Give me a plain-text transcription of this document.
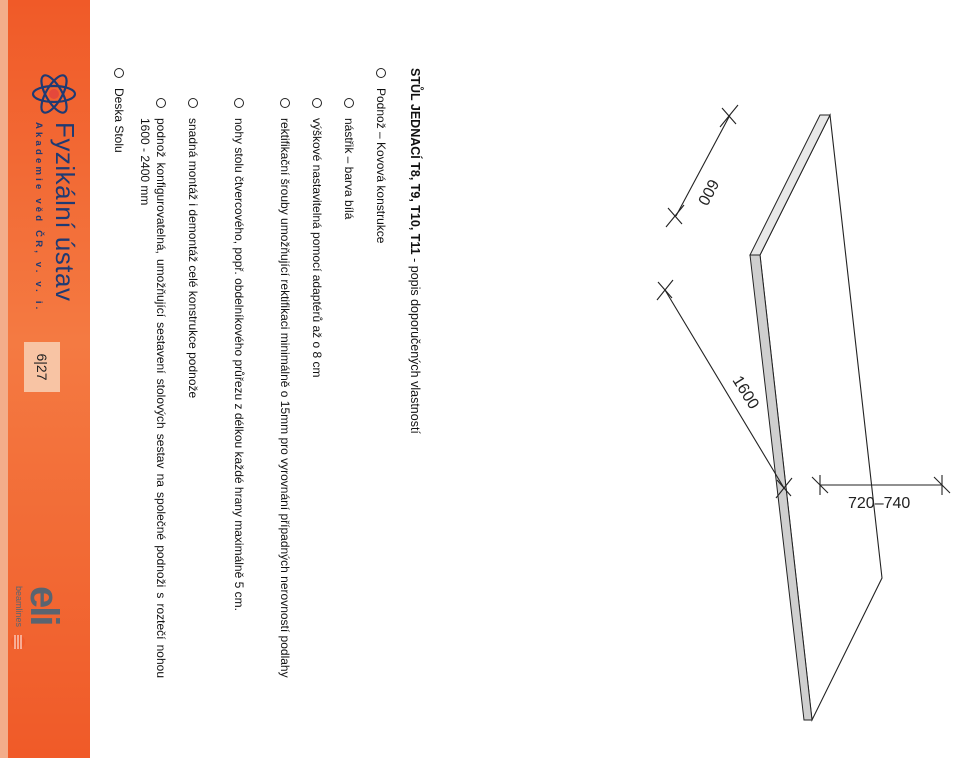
600
1600
720–740
STŮL JEDNACÍ T8, T9, T10, T11 - popis doporučených vlastností
Podnož – Kovová konstrukce
nástřik – barva bílá
výškové nastavitelná pomocí adaptérů až o 8 cm
rektifikační šrouby umožňující rektifikaci minimálně o 15mm pro vyrovnání případných nerovností podlahy
nohy stolu čtvercového, popř. obdelníkového průřezu z délkou každé hrany maximálně 5 cm.
snadná montáž i demontáž celé konstrukce podnože
podnož konfigurovatelná, umožňující sestavení stolových sestav na společné podnoži s roztečí nohou 1600 - 2400 mm
Deska Stolu
Fyzikální ústav
Akademie věd ČR, v. v. i.
6|27
eli
beamlines
